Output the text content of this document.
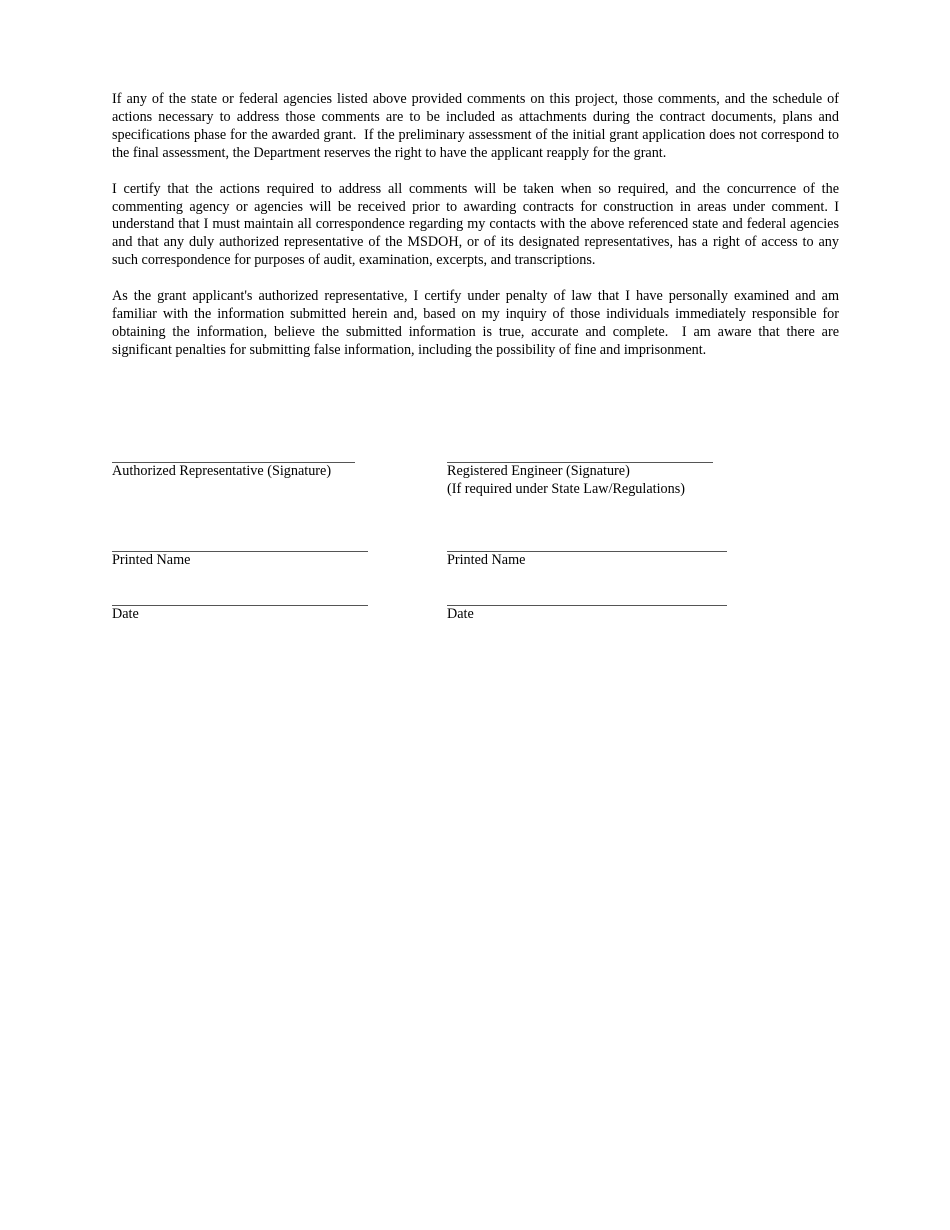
If any of the state or federal agencies listed above provided comments on this project, those comments, and the schedule of actions necessary to address those comments are to be included as attachments during the contract documents, plans and specifications phase for the awarded grant.  If the preliminary assessment of the initial grant application does not correspond to the final assessment, the Department reserves the right to have the applicant reapply for the grant.

I certify that the actions required to address all comments will be taken when so required, and the concurrence of the commenting agency or agencies will be received prior to awarding contracts for construction in areas under comment. I understand that I must maintain all correspondence regarding my contacts with the above referenced state and federal agencies and that any duly authorized representative of the MSDOH, or of its designated representatives, has a right of access to any such correspondence for purposes of audit, examination, excerpts, and transcriptions.

As the grant applicant's authorized representative, I certify under penalty of law that I have personally examined and am familiar with the information submitted herein and, based on my inquiry of those individuals immediately responsible for obtaining the information, believe the submitted information is true, accurate and complete.  I am aware that there are significant penalties for submitting false information, including the possibility of fine and imprisonment.

Authorized Representative (Signature)
Printed Name
Date
Registered Engineer (Signature)
(If required under State Law/Regulations)
Printed Name
Date
